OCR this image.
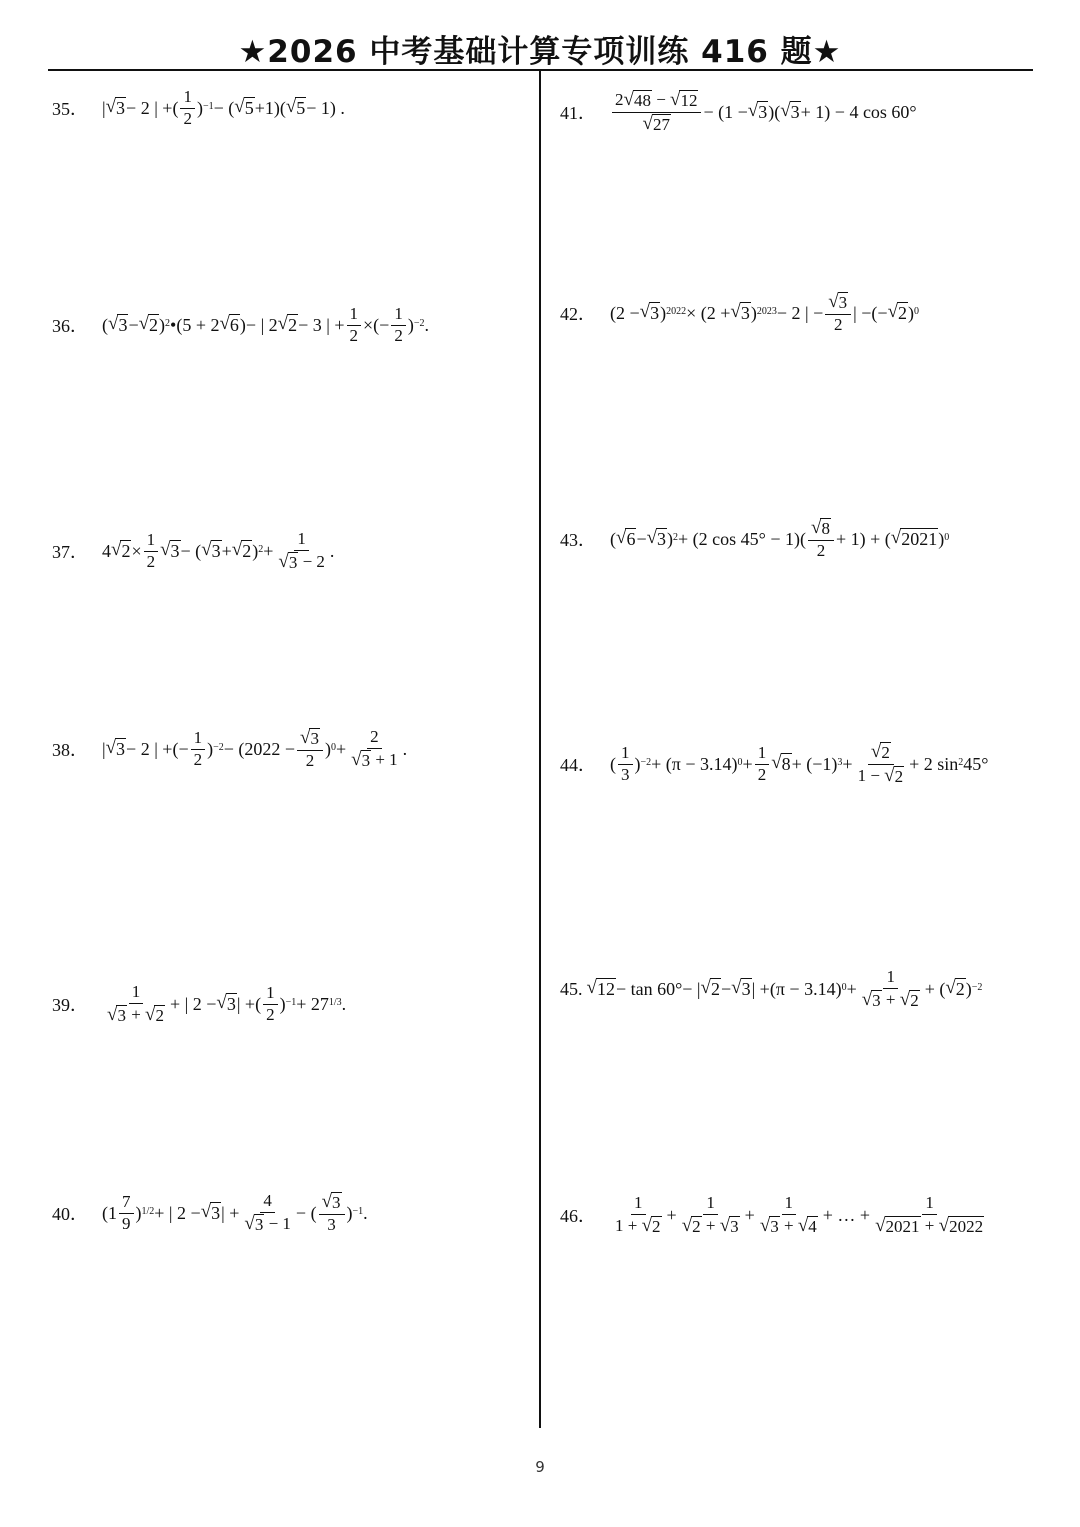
★2026 中考基础计算专项训练 416 题★
35． | √ 3 − 2 | +( $\frac{1}{2} )^{-1}$ − ( √ 5 +1)( √ 5 − 1) .
36． ( √ 3 − √ 2 )$^2$ •(5 + 2 √ 6 )− | 2 √ 2 − 3 | + $\frac{1}{2}$ ×(− $\frac{1}{2} )^{-2}$ .
37． 4 √ $2 \times \frac{1}{2}$ √ 3 − ( √ 3 + √ 2 )$^2 + \frac{1}{√ 3 - 2}$ .
38． | √ 3 − 2 | +(− $\frac{1}{2} )^{-2} - (2022 - \frac{√ 3}{2} )^0 + \frac{2}{√ 3 + 1}$ .
39． $\frac{1}{√ 3 + √ 2}$ + | 2 − √ 3 | +( $\frac{1}{2} )^{-1} + 27^{1/3}$ .
40． $(1 \frac{7}{9} )^{1/2}$ + | 2 − √ 3 | + $\frac{4}{√ 3 - 1}$ − ( $\frac{√ 3}{3} )^{-1}$ .
41． $\frac{2 √ 48 - √ 12}{√ 27} - (1$ − √ 3 )( √ 3 + 1) − 4 cos 60°
42． (2 − √ 3 )$^{2022}$ × (2 + √ 3 )$^{2023}$ − 2 | − $\frac{√ 3}{2}$ | −(− √ 2 )$^0$
43． ( √ 6 − √ 3 )$^2$ + (2 $\cos 45^\circ - 1)( \frac{√ 8}{2} + 1)$ + ( √ 2021 )$^0$
44． ( $\frac{1}{3} )^{-2} + (\pi - 3.14)^0 + \frac{1}{2}$ √ $8 + (-1)^3 + \frac{√ 2}{1 - √ 2} + 2$ $\sin^2 45^\circ$
45. √ 12 − tan 60°− | √ 2 − √ 3 | $+(\pi - 3.14)^0 + \frac{1}{√ 3 + √ 2}$ + ( √ 2 )$^{-2}$
46． $\frac{1}{1 + √ 2} + \frac{1}{√ 2 + √ 3} + \frac{1}{√ 3 + √ 4}$ + … + $\frac{1}{√ 2021 + √ 2022}$
9
